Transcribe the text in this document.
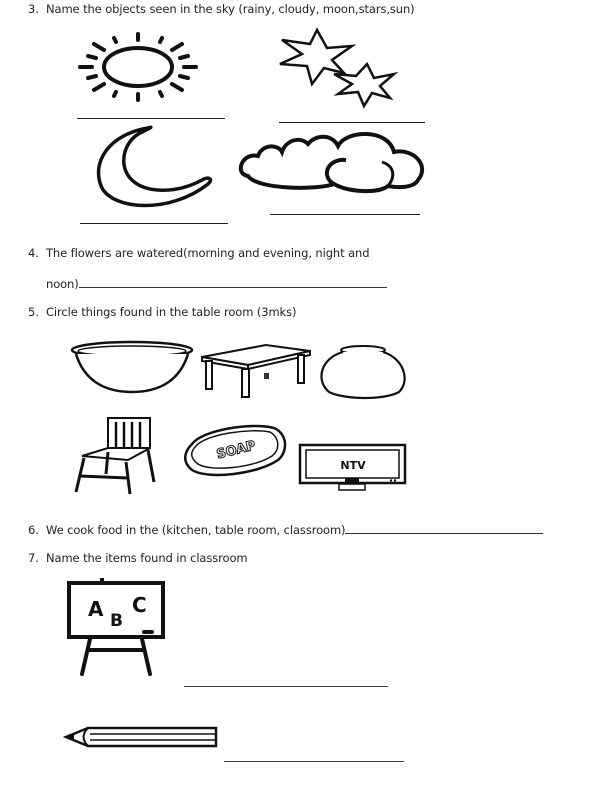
3. Name the objects seen in the sky (rainy, cloudy, moon,stars,sun)
4. The flowers are watered(morning and evening, night and
noon)
5. Circle things found in the table room (3mks)
SOAP
NTV
6. We cook food in the (kitchen, table room, classroom)
7. Name the items found in classroom
A B
C
